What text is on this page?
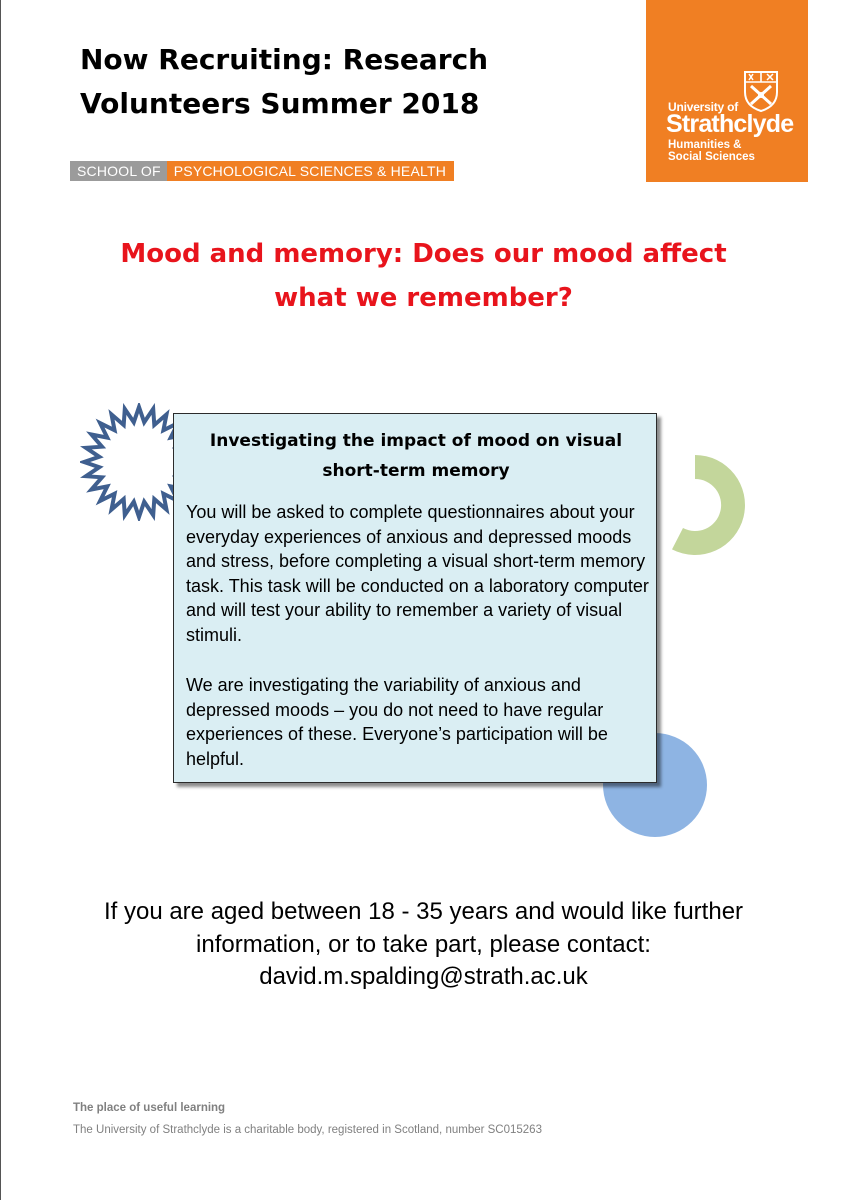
Now Recruiting: Research
Volunteers Summer 2018
SCHOOL OF PSYCHOLOGICAL SCIENCES & HEALTH
University of
Strathclyde
Humanities &
Social Sciences
Mood and memory: Does our mood affect
what we remember?
Investigating the impact of mood on visual
short-term memory

You will be asked to complete questionnaires about your everyday experiences of anxious and depressed moods and stress, before completing a visual short-term memory task. This task will be conducted on a laboratory computer and will test your ability to remember a variety of visual stimuli.

We are investigating the variability of anxious and depressed moods – you do not need to have regular experiences of these. Everyone’s participation will be helpful.

If you are aged between 18 - 35 years and would like further
information, or to take part, please contact:
david.m.spalding@strath.ac.uk
The place of useful learning
The University of Strathclyde is a charitable body, registered in Scotland, number SC015263
